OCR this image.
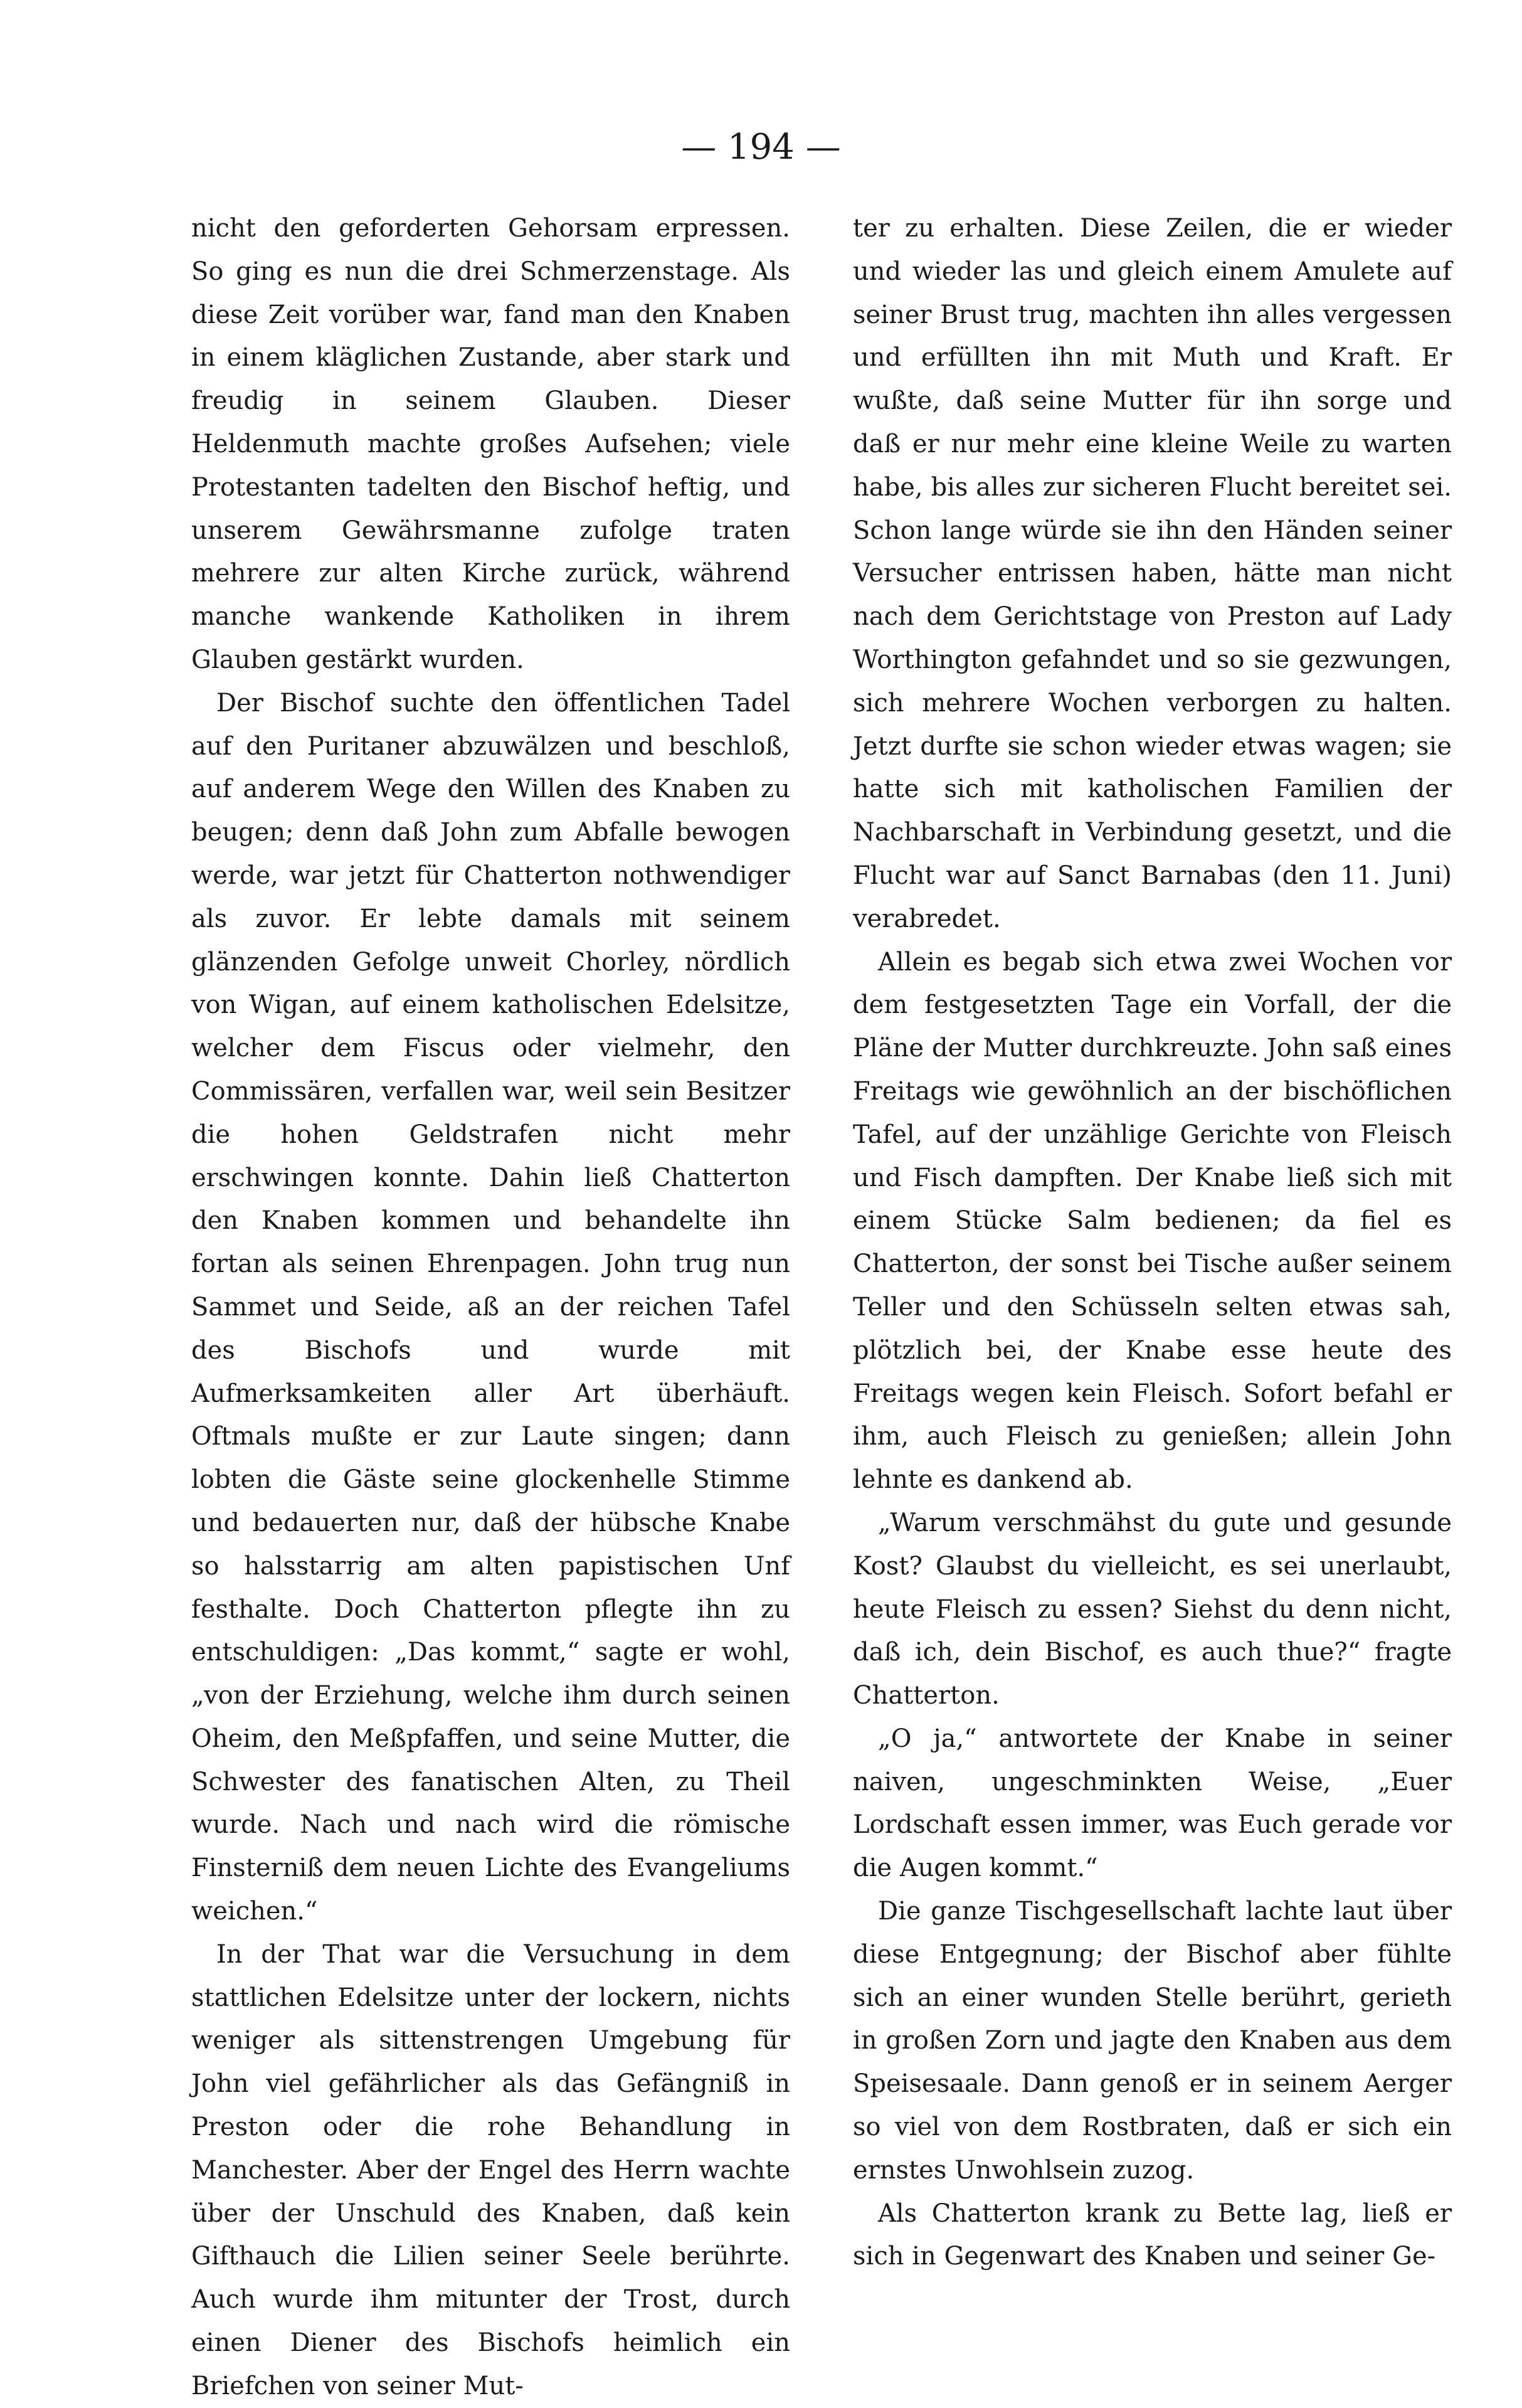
— 194 —

nicht den geforderten Gehorsam erpressen. So ging es nun die drei Schmerzenstage. Als diese Zeit vorüber war, fand man den Knaben in einem kläglichen Zustande, aber stark und freudig in seinem Glauben. Dieser Heldenmuth machte großes Aufsehen; viele Protestanten tadelten den Bischof heftig, und unserem Gewährsmanne zufolge traten mehrere zur alten Kirche zurück, während manche wankende Katholiken in ihrem Glauben gestärkt wurden.

Der Bischof suchte den öffentlichen Tadel auf den Puritaner abzuwälzen und beschloß, auf anderem Wege den Willen des Knaben zu beugen; denn daß John zum Abfalle bewogen werde, war jetzt für Chatterton nothwendiger als zuvor. Er lebte damals mit seinem glänzenden Gefolge unweit Chorley, nördlich von Wigan, auf einem katholischen Edelsitze, welcher dem Fiscus oder vielmehr, den Commissären, verfallen war, weil sein Besitzer die hohen Geldstrafen nicht mehr erschwingen konnte. Dahin ließ Chatterton den Knaben kommen und behandelte ihn fortan als seinen Ehrenpagen. John trug nun Sammet und Seide, aß an der reichen Tafel des Bischofs und wurde mit Aufmerksamkeiten aller Art überhäuft. Oftmals mußte er zur Laute singen; dann lobten die Gäste seine glockenhelle Stimme und bedauerten nur, daß der hübsche Knabe so halsstarrig am alten papistischen Unf festhalte. Doch Chatterton pflegte ihn zu entschuldigen: „Das kommt,“ sagte er wohl, „von der Erziehung, welche ihm durch seinen Oheim, den Meßpfaffen, und seine Mutter, die Schwester des fanatischen Alten, zu Theil wurde. Nach und nach wird die römische Finsterniß dem neuen Lichte des Evangeliums weichen.“

In der That war die Versuchung in dem stattlichen Edelsitze unter der lockern, nichts weniger als sittenstrengen Umgebung für John viel gefährlicher als das Gefängniß in Preston oder die rohe Behandlung in Manchester. Aber der Engel des Herrn wachte über der Unschuld des Knaben, daß kein Gifthauch die Lilien seiner Seele berührte. Auch wurde ihm mitunter der Trost, durch einen Diener des Bischofs heimlich ein Briefchen von seiner Mut-

ter zu erhalten. Diese Zeilen, die er wieder und wieder las und gleich einem Amulete auf seiner Brust trug, machten ihn alles vergessen und erfüllten ihn mit Muth und Kraft. Er wußte, daß seine Mutter für ihn sorge und daß er nur mehr eine kleine Weile zu warten habe, bis alles zur sicheren Flucht bereitet sei. Schon lange würde sie ihn den Händen seiner Versucher entrissen haben, hätte man nicht nach dem Gerichtstage von Preston auf Lady Worthington gefahndet und so sie gezwungen, sich mehrere Wochen verborgen zu halten. Jetzt durfte sie schon wieder etwas wagen; sie hatte sich mit katholischen Familien der Nachbarschaft in Verbindung gesetzt, und die Flucht war auf Sanct Barnabas (den 11. Juni) verabredet.

Allein es begab sich etwa zwei Wochen vor dem festgesetzten Tage ein Vorfall, der die Pläne der Mutter durchkreuzte. John saß eines Freitags wie gewöhnlich an der bischöflichen Tafel, auf der unzählige Gerichte von Fleisch und Fisch dampften. Der Knabe ließ sich mit einem Stücke Salm bedienen; da fiel es Chatterton, der sonst bei Tische außer seinem Teller und den Schüsseln selten etwas sah, plötzlich bei, der Knabe esse heute des Freitags wegen kein Fleisch. Sofort befahl er ihm, auch Fleisch zu genießen; allein John lehnte es dankend ab.

„Warum verschmähst du gute und gesunde Kost? Glaubst du vielleicht, es sei unerlaubt, heute Fleisch zu essen? Siehst du denn nicht, daß ich, dein Bischof, es auch thue?“ fragte Chatterton.

„O ja,“ antwortete der Knabe in seiner naiven, ungeschminkten Weise, „Euer Lordschaft essen immer, was Euch gerade vor die Augen kommt.“

Die ganze Tischgesellschaft lachte laut über diese Entgegnung; der Bischof aber fühlte sich an einer wunden Stelle berührt, gerieth in großen Zorn und jagte den Knaben aus dem Speisesaale. Dann genoß er in seinem Aerger so viel von dem Rostbraten, daß er sich ein ernstes Unwohlsein zuzog.

Als Chatterton krank zu Bette lag, ließ er sich in Gegenwart des Knaben und seiner Ge-
